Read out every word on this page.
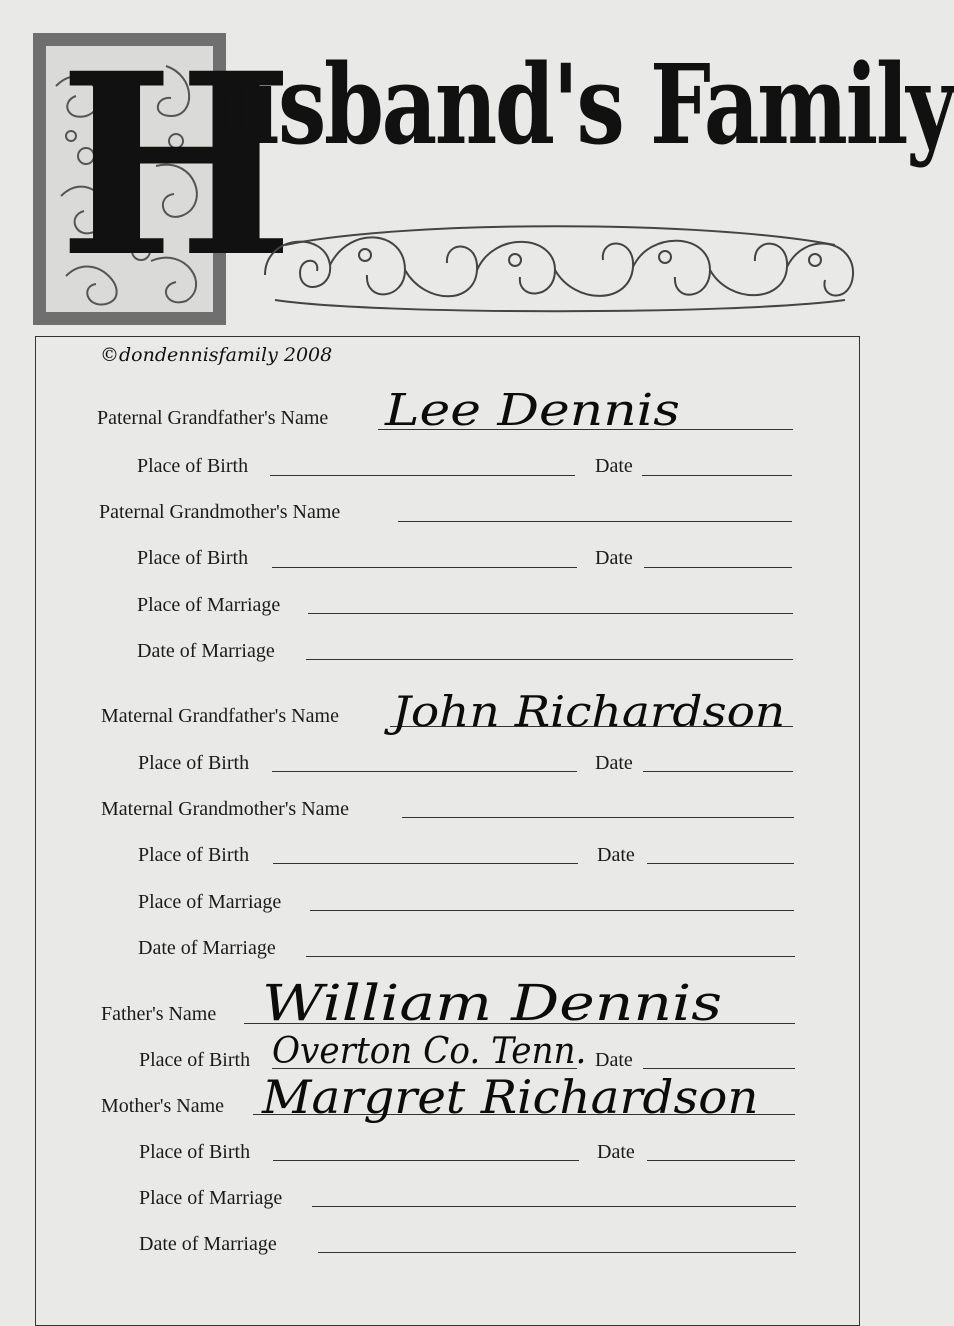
H
usband's Family
©dondennisfamily 2008
Paternal Grandfather's Name Lee Dennis
Place of Birth	Date
Paternal Grandmother's Name
Place of Birth	Date
Place of Marriage
Date of Marriage
Maternal Grandfather's Name John Richardson
Place of Birth	Date
Maternal Grandmother's Name
Place of Birth	Date
Place of Marriage
Date of Marriage
Father's Name William Dennis
Place of Birth Overton Co. Tenn. Date
Mother's Name Margret Richardson
Place of Birth	Date
Place of Marriage
Date of Marriage
